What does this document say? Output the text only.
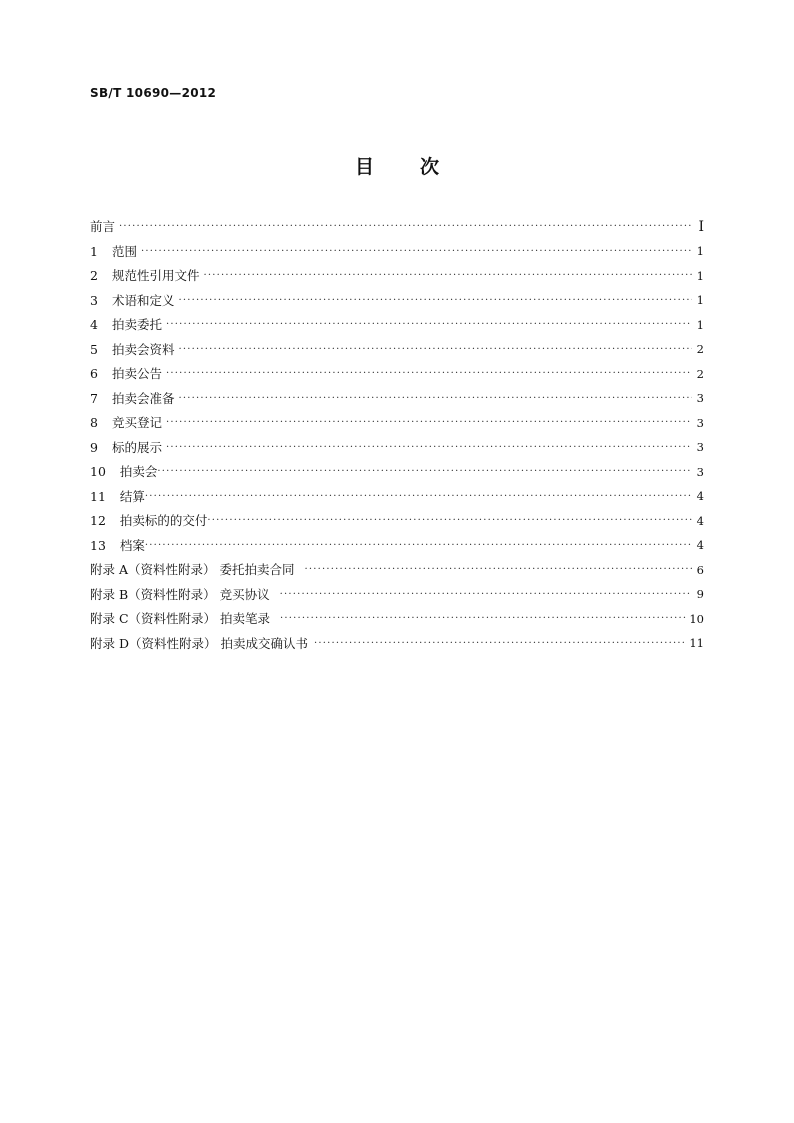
SB/T 10690—2012
目次
前言 ·····	I
1 范围 ·····	1
2 规范性引用文件 ·····	1
3 术语和定义 ·····	1
4 拍卖委托 ·····	1
5 拍卖会资料 ·····	2
6 拍卖公告 ·····	2
7 拍卖会准备 ·····	3
8 竞买登记 ·····	3
9 标的展示 ·····	3
10 拍卖会 ·····	3
11 结算 ·····	4
12 拍卖标的的交付 ·····	4
13 档案 ·····	4
附录 A（资料性附录） 委托拍卖合同 ·····	6
附录 B（资料性附录） 竞买协议 ·····	9
附录 C（资料性附录） 拍卖笔录 ·····	10
附录 D（资料性附录） 拍卖成交确认书 ·····	11
